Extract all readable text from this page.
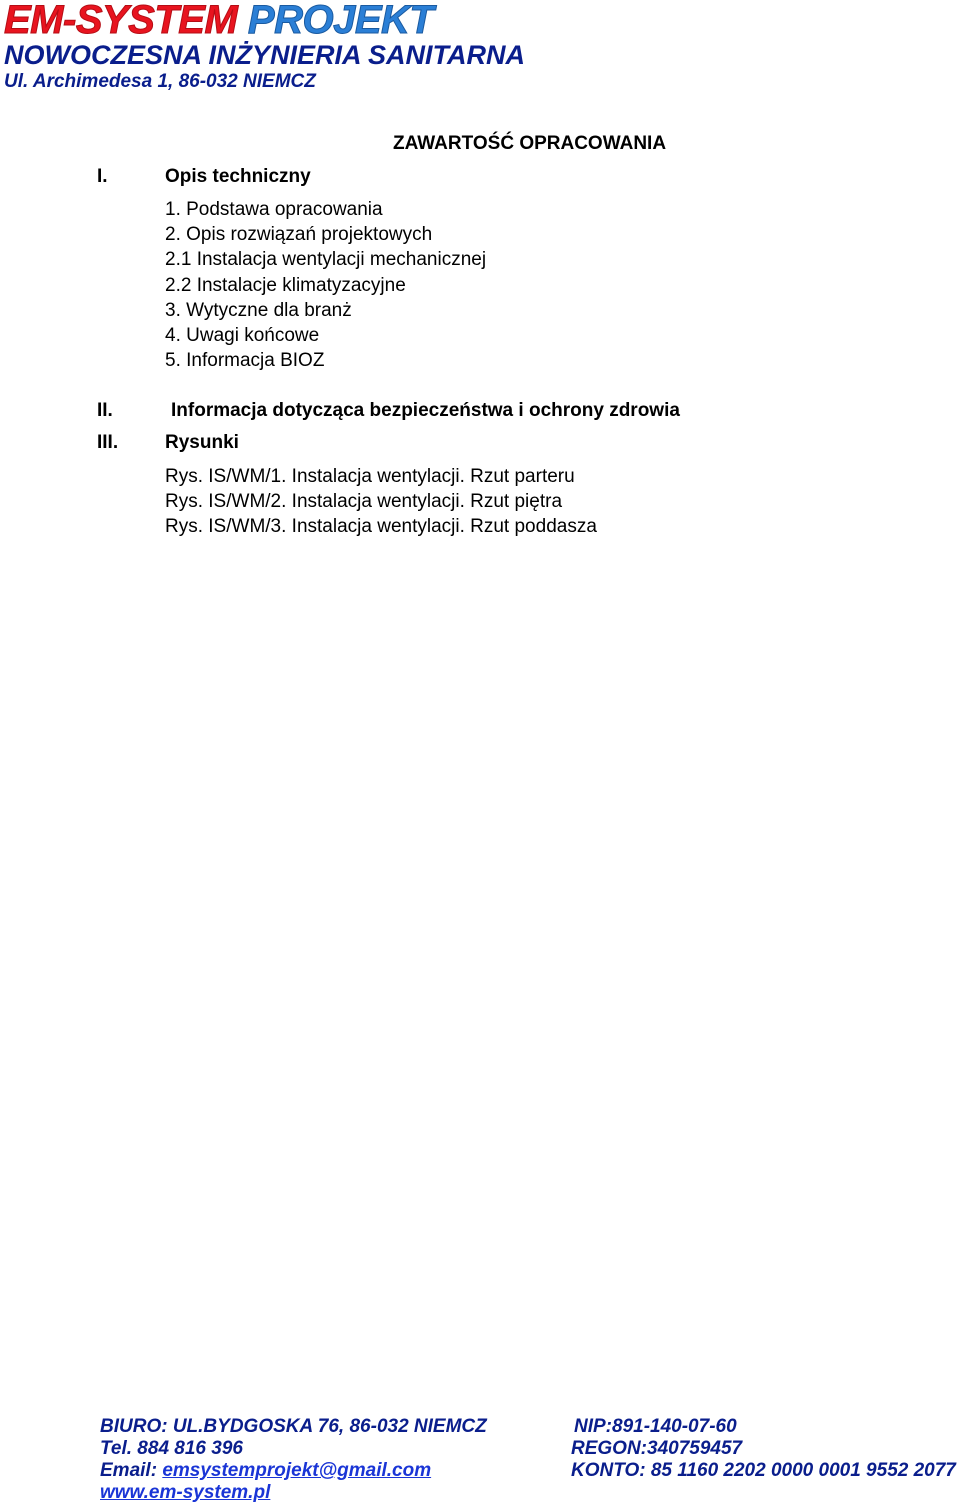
EM-SYSTEM PROJEKT
NOWOCZESNA INŻYNIERIA SANITARNA
Ul. Archimedesa 1, 86-032 NIEMCZ
ZAWARTOŚĆ OPRACOWANIA
I.	Opis techniczny
1. Podstawa opracowania
2. Opis rozwiązań projektowych
2.1 Instalacja wentylacji mechanicznej
2.2 Instalacje klimatyzacyjne
3. Wytyczne dla branż
4. Uwagi końcowe
5. Informacja BIOZ
II.	Informacja dotycząca bezpieczeństwa i ochrony zdrowia
III. Rysunki
Rys. IS/WM/1. Instalacja wentylacji. Rzut parteru
Rys. IS/WM/2. Instalacja wentylacji. Rzut piętra
Rys. IS/WM/3. Instalacja wentylacji. Rzut poddasza
BIURO: UL.BYDGOSKA 76, 86-032 NIEMCZ	NIP:891-140-07-60
Tel. 884 816 396	REGON:340759457
Email: emsystemprojekt@gmail.com	KONTO: 85 1160 2202 0000 0001 9552 2077
www.em-system.pl
